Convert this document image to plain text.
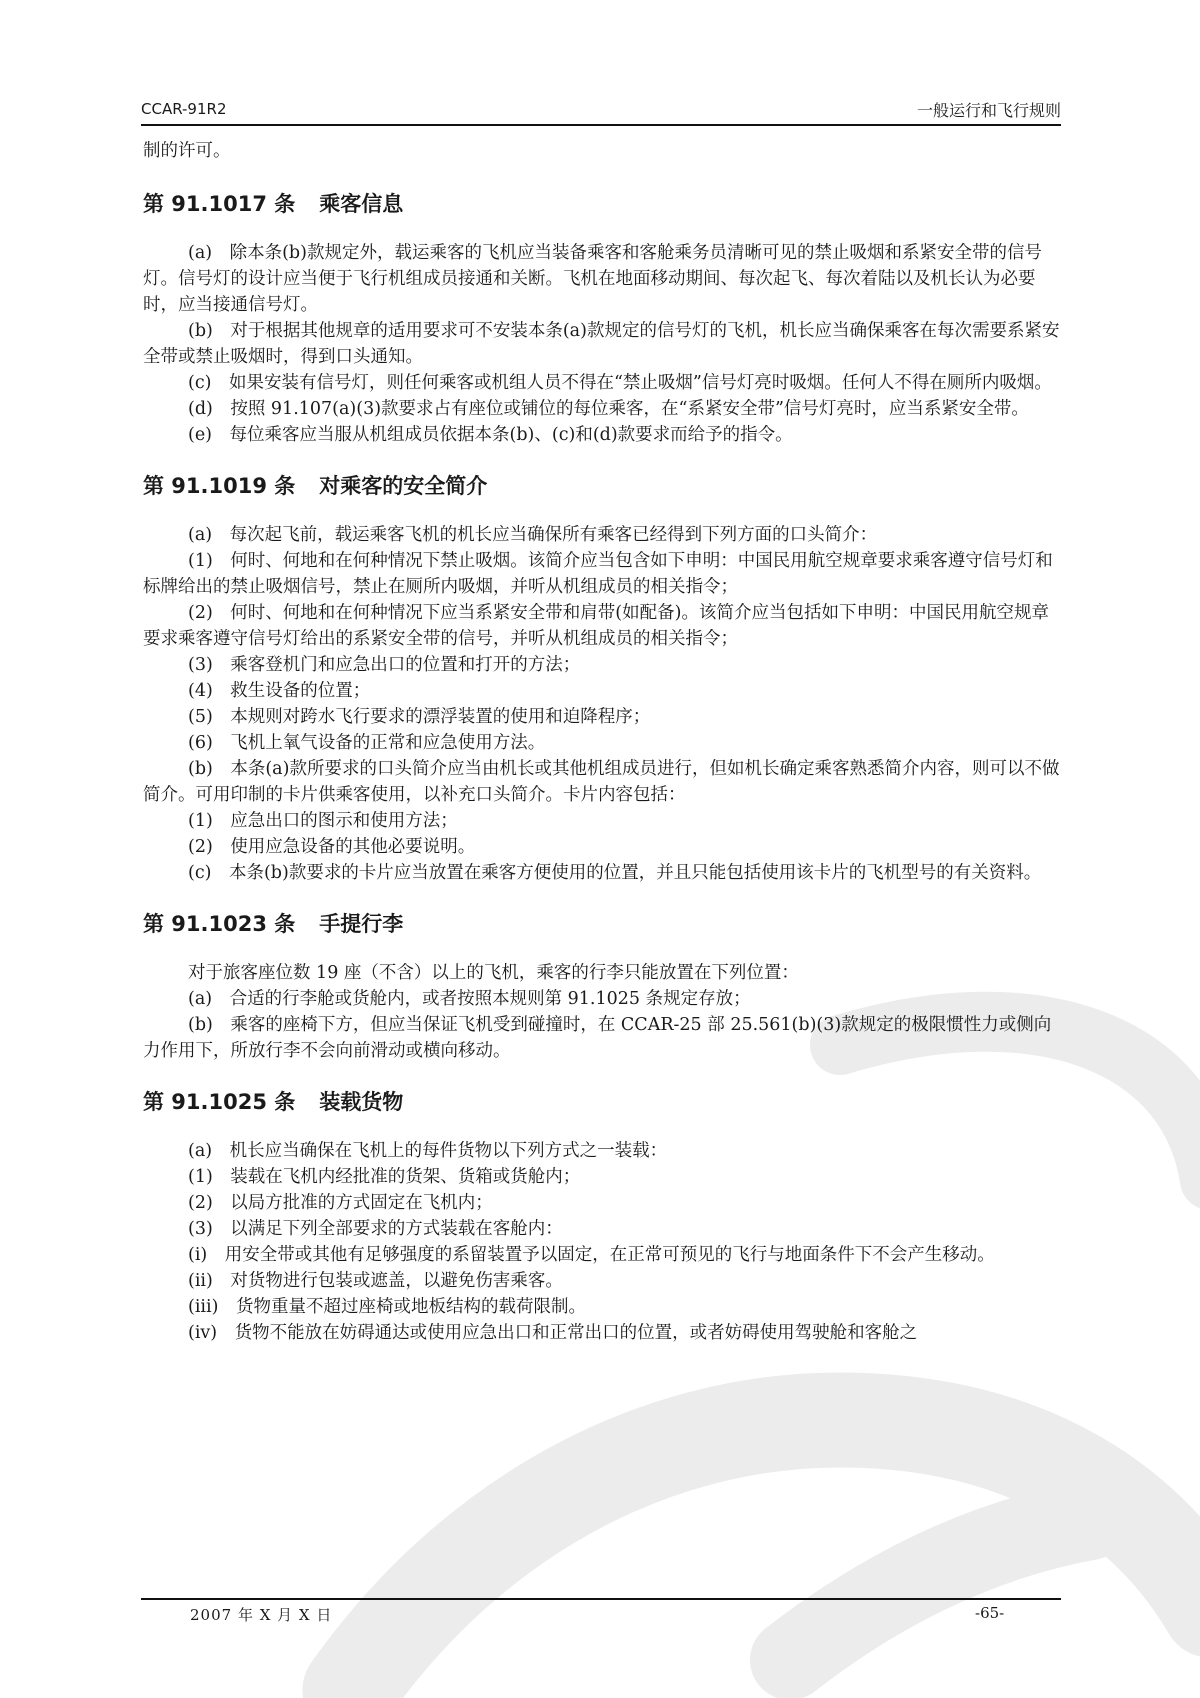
CCAR-91R2	一般运行和飞行规则

制的许可。

第 91.1017 条 乘客信息

(a)　除本条(b)款规定外，载运乘客的飞机应当装备乘客和客舱乘务员清晰可见的禁止吸烟和系紧安全带的信号灯。信号灯的设计应当便于飞行机组成员接通和关断。飞机在地面移动期间、每次起飞、每次着陆以及机长认为必要时，应当接通信号灯。

(b)　对于根据其他规章的适用要求可不安装本条(a)款规定的信号灯的飞机，机长应当确保乘客在每次需要系紧安全带或禁止吸烟时，得到口头通知。

(c)　如果安装有信号灯，则任何乘客或机组人员不得在“禁止吸烟”信号灯亮时吸烟。任何人不得在厕所内吸烟。

(d)　按照 91.107(a)(3)款要求占有座位或铺位的每位乘客，在“系紧安全带”信号灯亮时，应当系紧安全带。

(e)　每位乘客应当服从机组成员依据本条(b)、(c)和(d)款要求而给予的指令。

第 91.1019 条 对乘客的安全简介

(a)　每次起飞前，载运乘客飞机的机长应当确保所有乘客已经得到下列方面的口头简介：

(1)　何时、何地和在何种情况下禁止吸烟。该简介应当包含如下申明：中国民用航空规章要求乘客遵守信号灯和标牌给出的禁止吸烟信号，禁止在厕所内吸烟，并听从机组成员的相关指令；

(2)　何时、何地和在何种情况下应当系紧安全带和肩带(如配备)。该简介应当包括如下申明：中国民用航空规章要求乘客遵守信号灯给出的系紧安全带的信号，并听从机组成员的相关指令；

(3)　乘客登机门和应急出口的位置和打开的方法；

(4)　救生设备的位置；

(5)　本规则对跨水飞行要求的漂浮装置的使用和迫降程序；

(6)　飞机上氧气设备的正常和应急使用方法。

(b)　本条(a)款所要求的口头简介应当由机长或其他机组成员进行，但如机长确定乘客熟悉简介内容，则可以不做简介。可用印制的卡片供乘客使用，以补充口头简介。卡片内容包括：

(1)　应急出口的图示和使用方法；

(2)　使用应急设备的其他必要说明。

(c)　本条(b)款要求的卡片应当放置在乘客方便使用的位置，并且只能包括使用该卡片的飞机型号的有关资料。

第 91.1023 条 手提行李

对于旅客座位数 19 座（不含）以上的飞机，乘客的行李只能放置在下列位置：

(a)　合适的行李舱或货舱内，或者按照本规则第 91.1025 条规定存放；

(b)　乘客的座椅下方，但应当保证飞机受到碰撞时，在 CCAR-25 部 25.561(b)(3)款规定的极限惯性力或侧向力作用下，所放行李不会向前滑动或横向移动。

第 91.1025 条 装载货物

(a)　机长应当确保在飞机上的每件货物以下列方式之一装载：

(1)　装载在飞机内经批准的货架、货箱或货舱内；

(2)　以局方批准的方式固定在飞机内；

(3)　以满足下列全部要求的方式装载在客舱内：

(i)　用安全带或其他有足够强度的系留装置予以固定，在正常可预见的飞行与地面条件下不会产生移动。

(ii)　对货物进行包装或遮盖，以避免伤害乘客。

(iii)　货物重量不超过座椅或地板结构的载荷限制。

(iv)　货物不能放在妨碍通达或使用应急出口和正常出口的位置，或者妨碍使用驾驶舱和客舱之

2007 年 X 月 X 日	-65-
